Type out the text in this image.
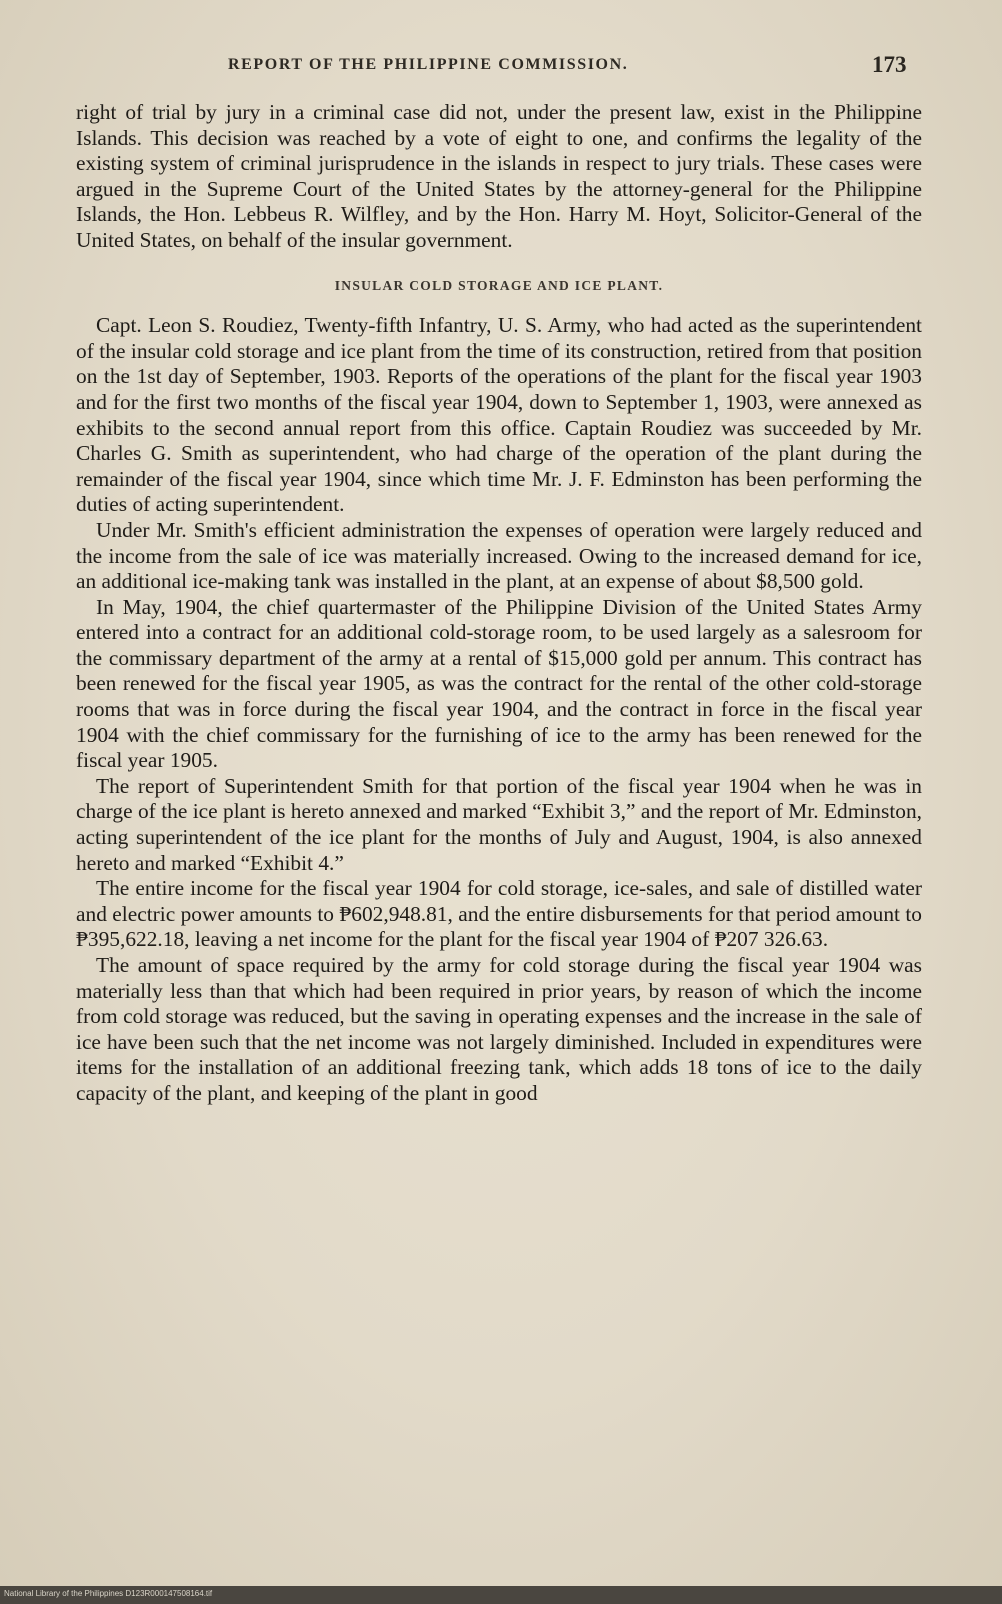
REPORT OF THE PHILIPPINE COMMISSION.	173

right of trial by jury in a criminal case did not, under the present law, exist in the Philippine Islands. This decision was reached by a vote of eight to one, and confirms the legality of the existing system of criminal jurisprudence in the islands in respect to jury trials. These cases were argued in the Supreme Court of the United States by the attorney-general for the Philippine Islands, the Hon. Lebbeus R. Wilfley, and by the Hon. Harry M. Hoyt, Solicitor-General of the United States, on behalf of the insular government.

INSULAR COLD STORAGE AND ICE PLANT.

Capt. Leon S. Roudiez, Twenty-fifth Infantry, U. S. Army, who had acted as the superintendent of the insular cold storage and ice plant from the time of its construction, retired from that position on the 1st day of September, 1903. Reports of the operations of the plant for the fiscal year 1903 and for the first two months of the fiscal year 1904, down to September 1, 1903, were annexed as exhibits to the second annual report from this office. Captain Roudiez was succeeded by Mr. Charles G. Smith as superintendent, who had charge of the operation of the plant during the remainder of the fiscal year 1904, since which time Mr. J. F. Edminston has been performing the duties of acting superintendent.

Under Mr. Smith's efficient administration the expenses of operation were largely reduced and the income from the sale of ice was materially increased. Owing to the increased demand for ice, an additional ice-making tank was installed in the plant, at an expense of about $8,500 gold.

In May, 1904, the chief quartermaster of the Philippine Division of the United States Army entered into a contract for an additional cold-storage room, to be used largely as a salesroom for the commissary department of the army at a rental of $15,000 gold per annum. This contract has been renewed for the fiscal year 1905, as was the contract for the rental of the other cold-storage rooms that was in force during the fiscal year 1904, and the contract in force in the fiscal year 1904 with the chief commissary for the furnishing of ice to the army has been renewed for the fiscal year 1905.

The report of Superintendent Smith for that portion of the fiscal year 1904 when he was in charge of the ice plant is hereto annexed and marked “Exhibit 3,” and the report of Mr. Edminston, acting superintendent of the ice plant for the months of July and August, 1904, is also annexed hereto and marked “Exhibit 4.”

The entire income for the fiscal year 1904 for cold storage, ice-sales, and sale of distilled water and electric power amounts to ₱602,948.81, and the entire disbursements for that period amount to ₱395,622.18, leaving a net income for the plant for the fiscal year 1904 of ₱207 326.63.

The amount of space required by the army for cold storage during the fiscal year 1904 was materially less than that which had been required in prior years, by reason of which the income from cold storage was reduced, but the saving in operating expenses and the increase in the sale of ice have been such that the net income was not largely diminished. Included in expenditures were items for the installation of an additional freezing tank, which adds 18 tons of ice to the daily capacity of the plant, and keeping of the plant in good

National Library of the Philippines D123R000147508164.tif
